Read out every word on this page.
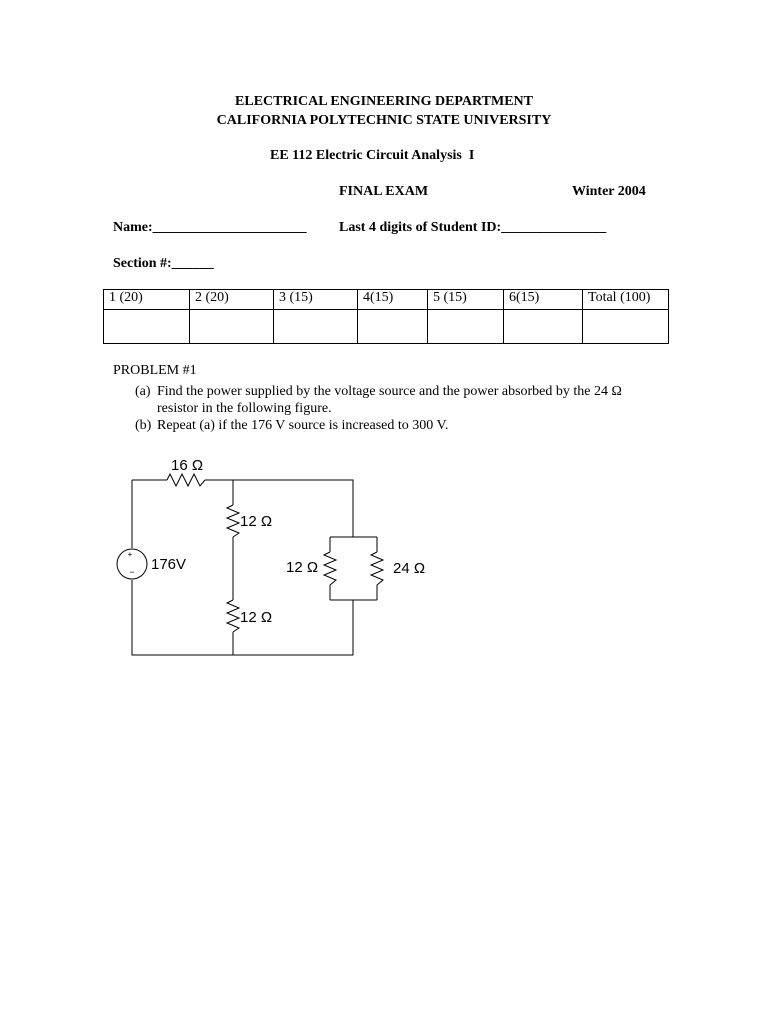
ELECTRICAL ENGINEERING DEPARTMENT
CALIFORNIA POLYTECHNIC STATE UNIVERSITY
EE 112 Electric Circuit Analysis  I
FINAL EXAM	Winter 2004
Name:______________________ Last 4 digits of Student ID:_______________
Section #:______
1 (20)	2 (20)	3 (15)	4(15)	5 (15)	6(15)	Total (100)

PROBLEM #1
(a) Find the power supplied by the voltage source and the power absorbed by the 24 Ω
resistor in the following figure.
(b) Repeat (a) if the 176 V source is increased to 300 V.
+
−
16 Ω
12 Ω
12 Ω
12 Ω	24 Ω
176V
